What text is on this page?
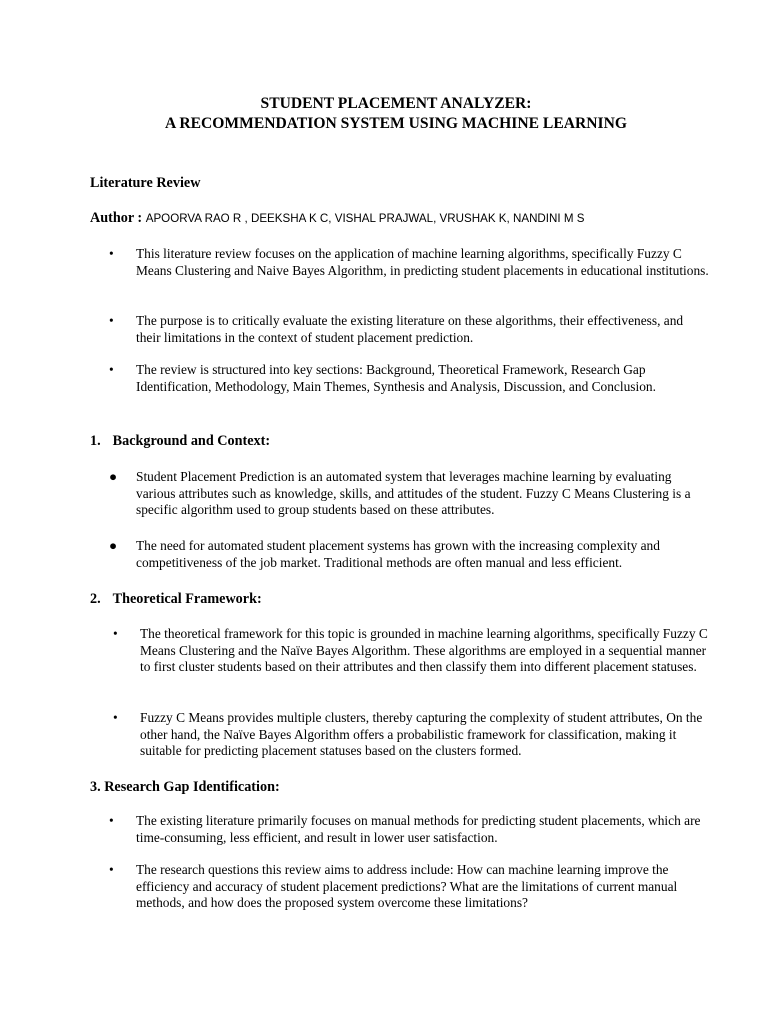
STUDENT PLACEMENT ANALYZER:
A RECOMMENDATION SYSTEM USING MACHINE LEARNING
Literature Review
Author : APOORVA RAO R , DEEKSHA K C, VISHAL PRAJWAL, VRUSHAK K, NANDINI M S
•	This literature review focuses on the application of machine learning algorithms, specifically Fuzzy C Means Clustering and Naive Bayes Algorithm, in predicting student placements in educational institutions.
•	The purpose is to critically evaluate the existing literature on these algorithms, their effectiveness, and their limitations in the context of student placement prediction.
•	The review is structured into key sections: Background, Theoretical Framework, Research Gap Identification, Methodology, Main Themes, Synthesis and Analysis, Discussion, and Conclusion.
1. Background and Context:
●	Student Placement Prediction is an automated system that leverages machine learning by evaluating various attributes such as knowledge, skills, and attitudes of the student. Fuzzy C Means Clustering is a specific algorithm used to group students based on these attributes.
●	The need for automated student placement systems has grown with the increasing complexity and competitiveness of the job market. Traditional methods are often manual and less efficient.
2. Theoretical Framework:
•	The theoretical framework for this topic is grounded in machine learning algorithms, specifically Fuzzy C Means Clustering and the Naïve Bayes Algorithm. These algorithms are employed in a sequential manner to first cluster students based on their attributes and then classify them into different placement statuses.
•	Fuzzy C Means provides multiple clusters, thereby capturing the complexity of student attributes, On the other hand, the Naïve Bayes Algorithm offers a probabilistic framework for classification, making it suitable for predicting placement statuses based on the clusters formed.
3. Research Gap Identification:
•	The existing literature primarily focuses on manual methods for predicting student placements, which are time-consuming, less efficient, and result in lower user satisfaction.
•	The research questions this review aims to address include: How can machine learning improve the efficiency and accuracy of student placement predictions? What are the limitations of current manual methods, and how does the proposed system overcome these limitations?
